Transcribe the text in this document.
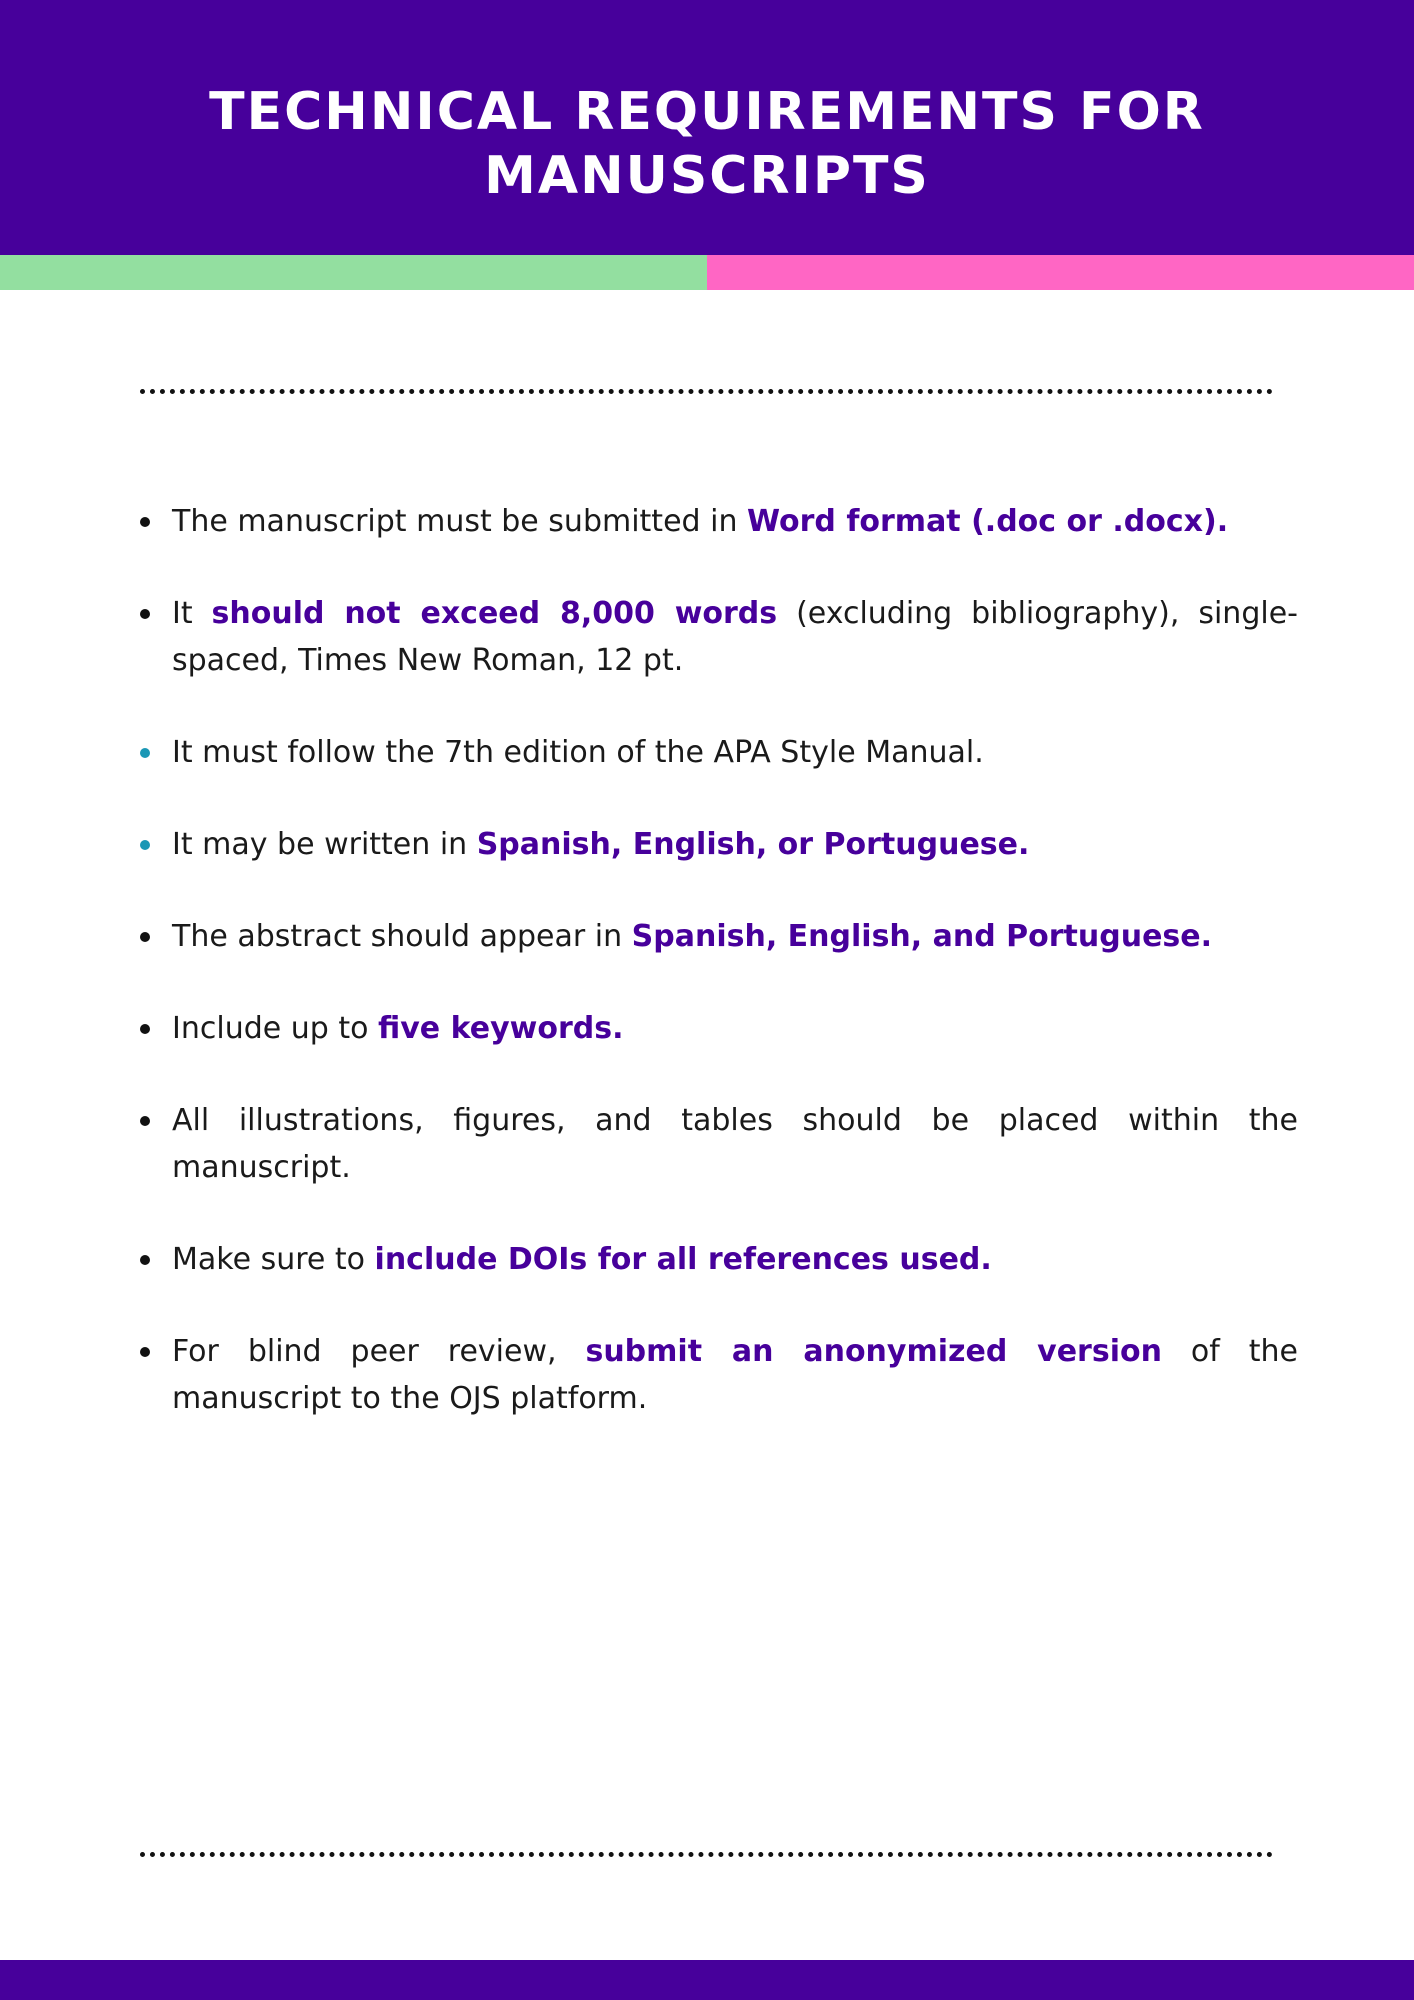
TECHNICAL REQUIREMENTS FOR
MANUSCRIPTS
The manuscript must be submitted in Word format (.doc or .docx).
It should not exceed 8,000 words (excluding bibliography), single-spaced, Times New Roman, 12 pt.
It must follow the 7th edition of the APA Style Manual.
It may be written in Spanish, English, or Portuguese.
The abstract should appear in Spanish, English, and Portuguese.
Include up to five keywords.
All illustrations, figures, and tables should be placed within the manuscript.
Make sure to include DOIs for all references used.
For blind peer review, submit an anonymized version of the manuscript to the OJS platform.
